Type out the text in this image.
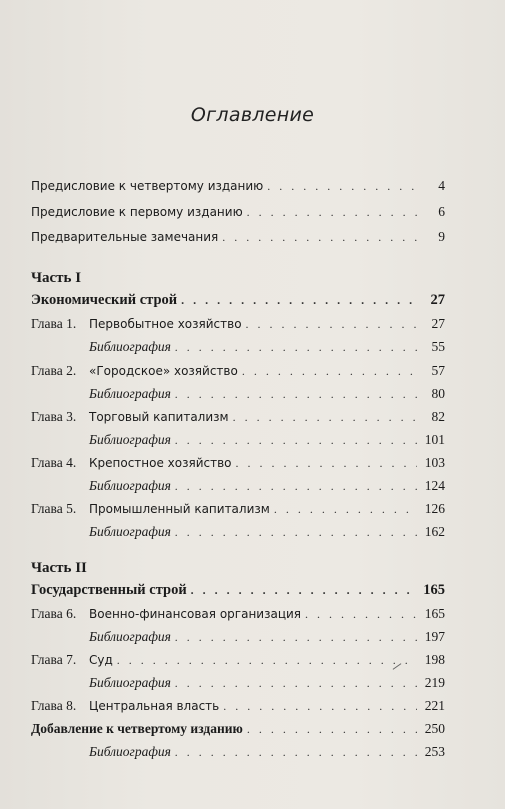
Оглавление
Предисловие к четвертому изданию . . .	4
Предисловие к первому изданию . . .	6
Предварительные замечания . . .	9
Часть I
Экономический строй . . .	27
Глава 1. Первобытное хозяйство . . .	27
Библиография . . .	55
Глава 2. «Городское» хозяйство . . .	57
Библиография . . .	80
Глава 3. Торговый капитализм . . .	82
Библиография . . .	101
Глава 4. Крепостное хозяйство . . .	103
Библиография . . .	124
Глава 5. Промышленный капитализм . . .	126
Библиография . . .	162
Часть II
Государственный строй . . .	165
Глава 6. Военно-финансовая организация . . .	165
Библиография . . .	197
Глава 7. Суд . . .	198
Библиография . . .	219
Глава 8. Центральная власть . . .	221
Добавление к четвертому изданию . . .	250
Библиография . . .	253
